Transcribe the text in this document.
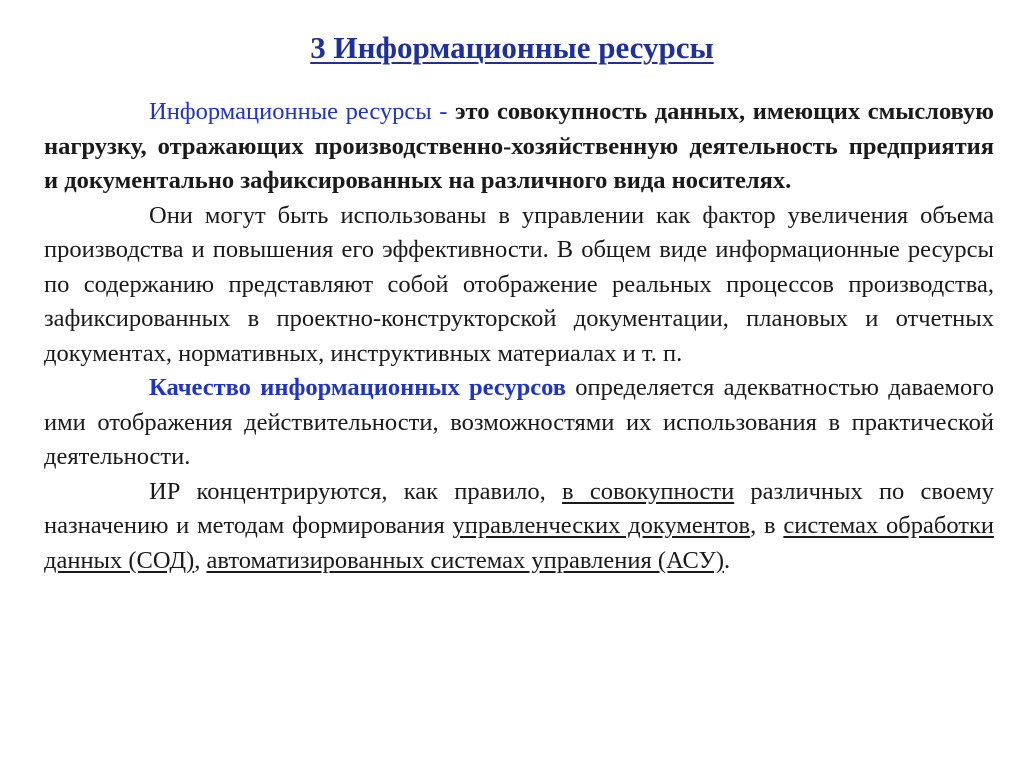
3 Информационные ресурсы

Информационные ресурсы - это совокупность данных, имеющих смысловую нагрузку, отражающих производственно-хозяйственную деятельность предприятия и документально зафиксированных на различного вида носителях.

Они могут быть использованы в управлении как фактор увеличения объема производства и повышения его эффективности. В общем виде информационные ресурсы по содержанию представляют собой отображение реальных процессов производства, зафиксированных в проектно-конструкторской документации, плановых и отчетных документах, нормативных, инструктивных материалах и т. п.

Качество информационных ресурсов определяется адекватностью даваемого ими отображения действительности, возможностями их использования в практической деятельности.

ИР концентрируются, как правило, в совокупности различных по своему назначению и методам формирования управленческих документов, в системах обработки данных (СОД), автоматизированных системах управления (АСУ).
